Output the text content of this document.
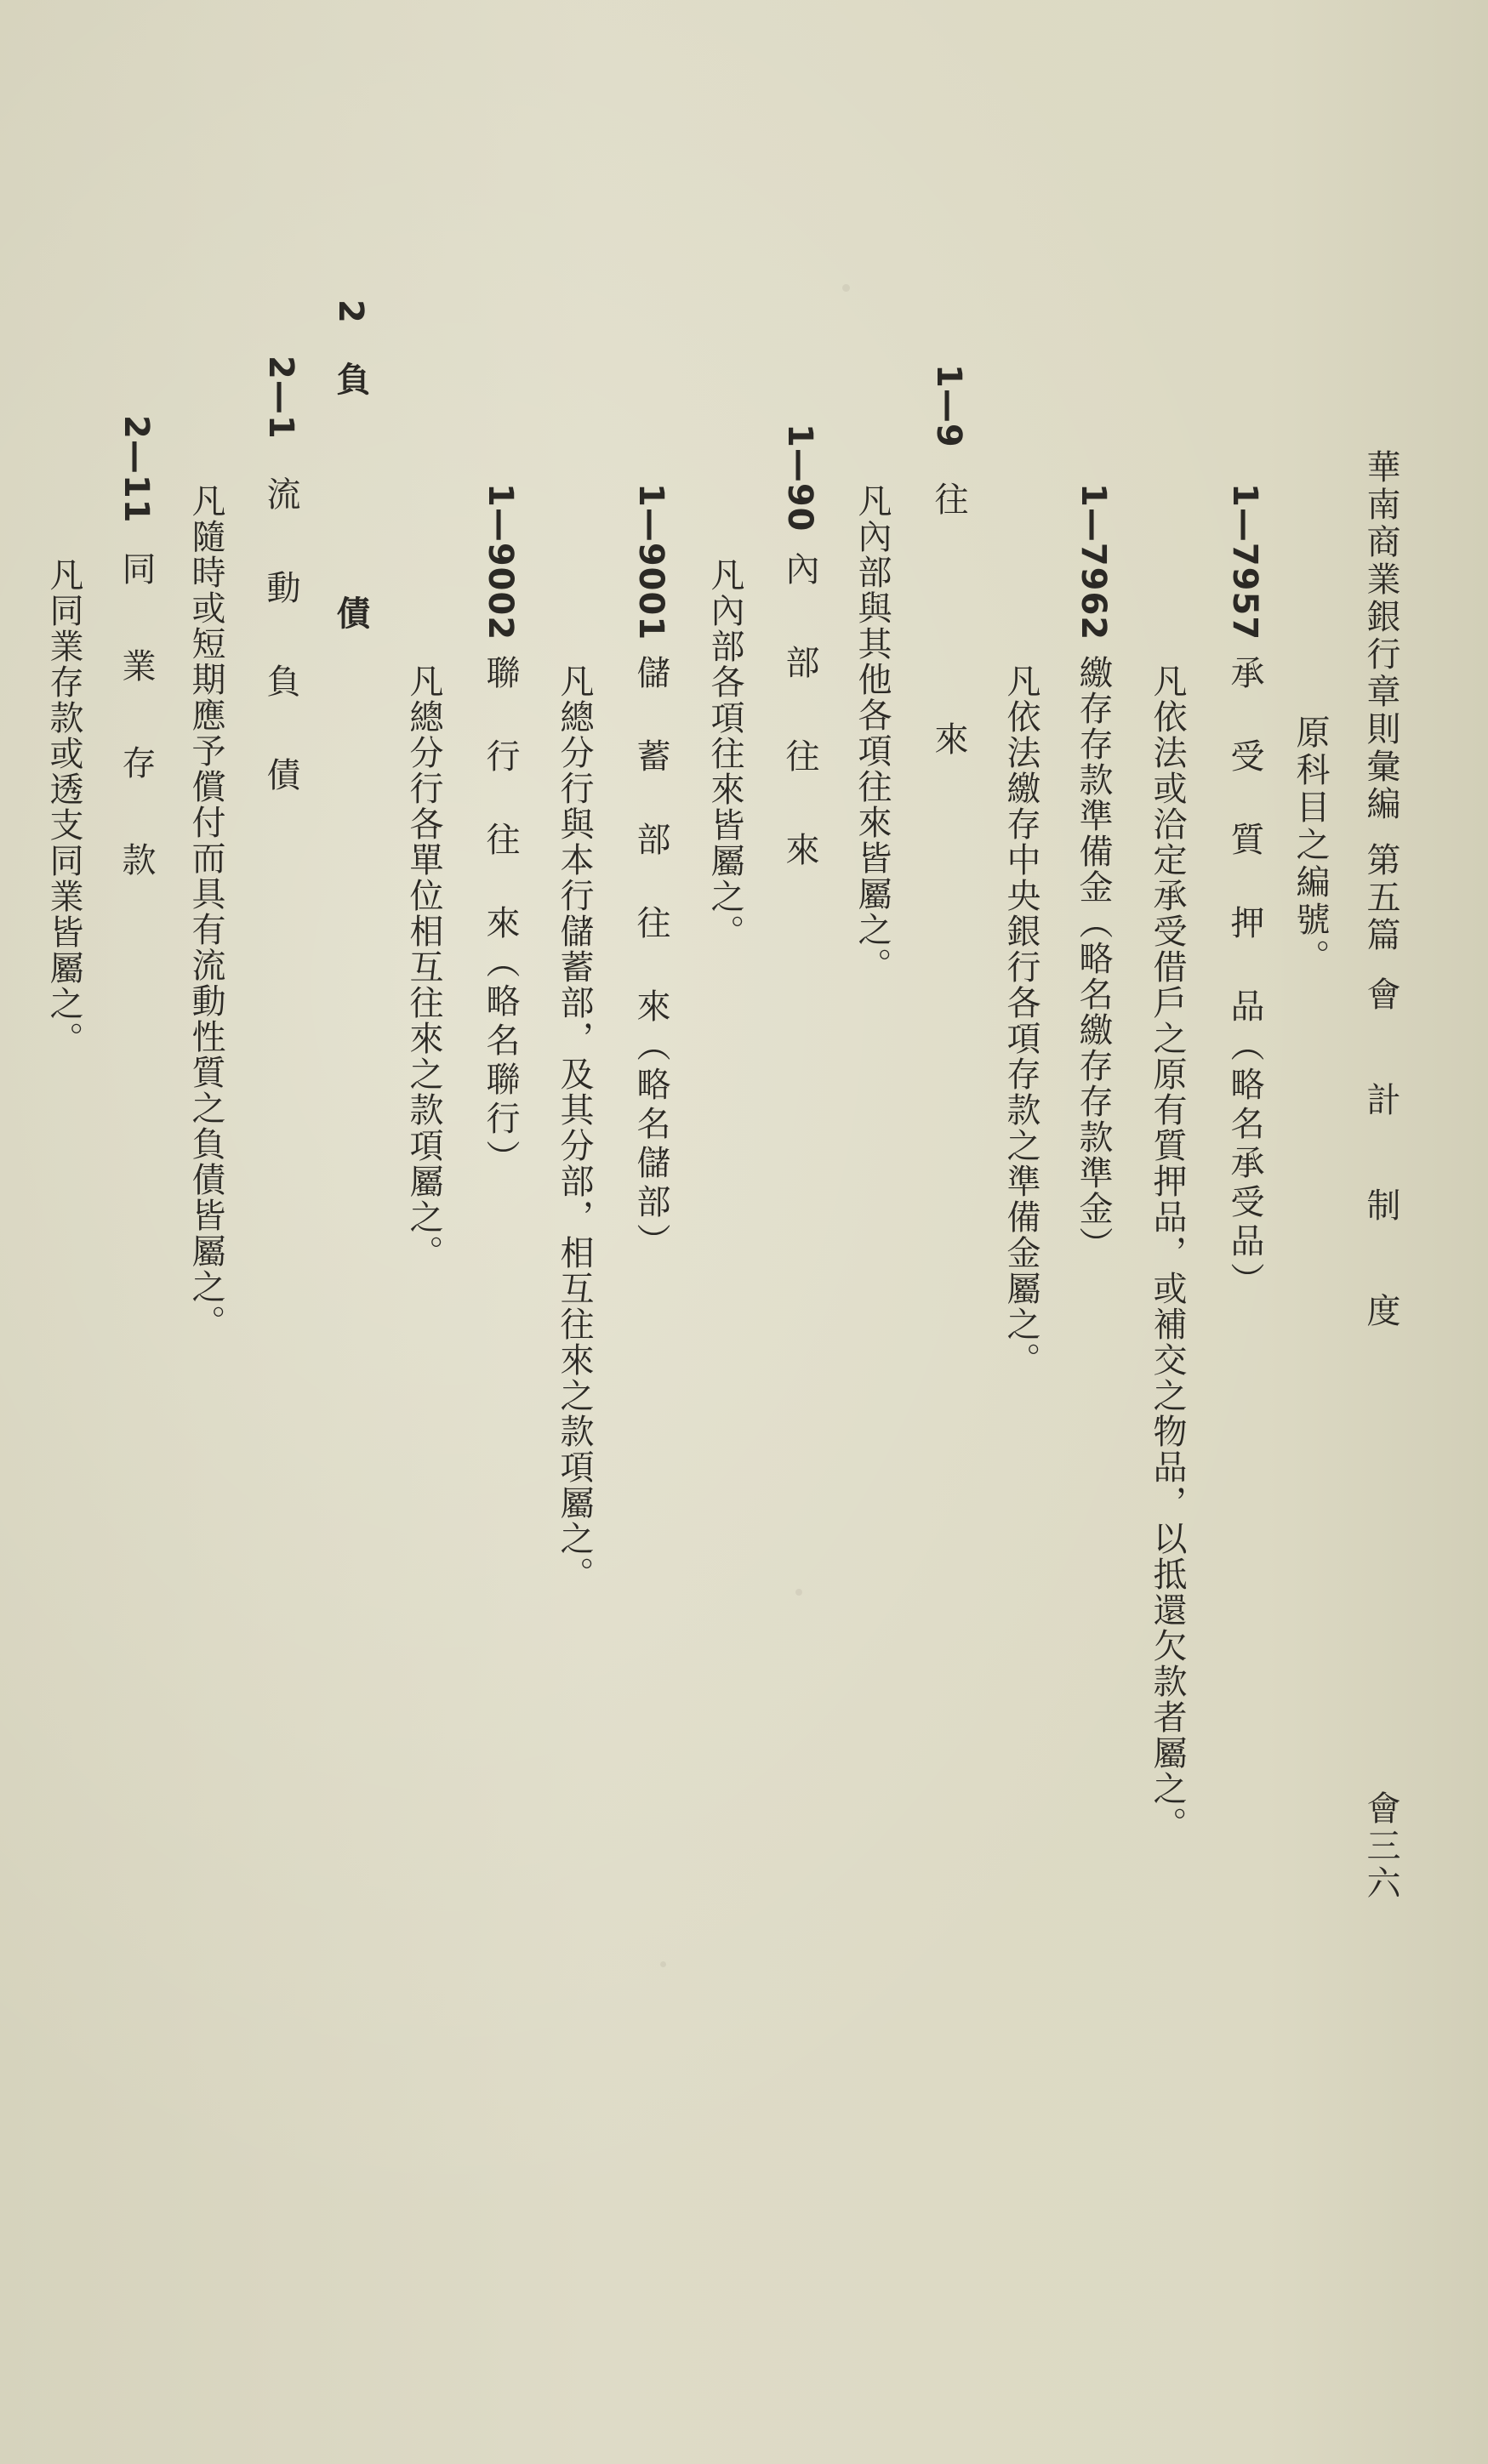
華南商業銀行章則彙編
第五篇
會　計　制　度
會三六
原科目之編號。
1—7957
承 受 質 押 品（略名承受品）
凡依法或洽定承受借戶之原有質押品，或補交之物品，以抵還欠款者屬之。
1—7962
繳存存款準備金（略名繳存存款準金）
凡依法繳存中央銀行各項存款之準備金屬之。
1—9
往
來
凡內部與其他各項往來皆屬之。
1—90
內 部 往 來
凡內部各項往來皆屬之。
1—9001
儲 蓄 部 往 來（略名儲部）
凡總分行與本行儲蓄部，及其分部，相互往來之款項屬之。
1—9002
聯 行 往 來（略名聯行）
凡總分行各單位相互往來之款項屬之。
2
負
債
2—1
流 動 負 債
凡隨時或短期應予償付而具有流動性質之負債皆屬之。
2—11
同 業 存 款
凡同業存款或透支同業皆屬之。
